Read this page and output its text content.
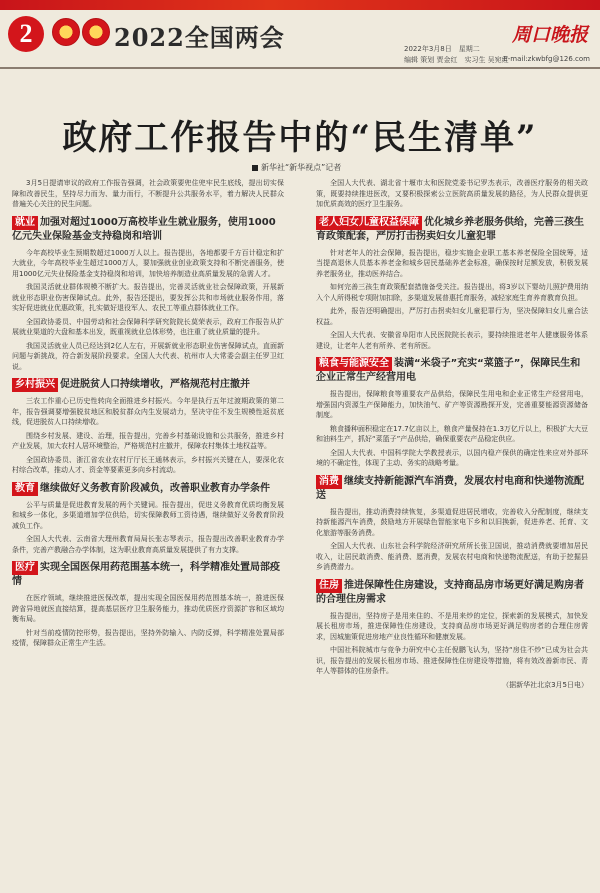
2	2022全国两会	周口晚报
2022年3月8日　星期二
编辑 策划 贾金红　实习生 吴宛红
E-mail:zkwbfg@126.com
政府工作报告中的“民生清单”
新华社“新华视点”记者

3月5日提请审议的政府工作报告强调，社会政策要兜住兜牢民生底线，提出切实保障和改善民生，坚持尽力而为、量力而行，不断提升公共服务水平，着力解决人民群众普遍关心关注的民生问题。

就业 加强对超过1000万高校毕业生就业服务，使用1000亿元失业保险基金支持稳岗和培训

今年高校毕业生预期数超过1000万人以上。报告提出，各地都要千方百计稳定和扩大就业，今年高校毕业生超过1000万人，要加强就业创业政策支持和不断完善服务，使用1000亿元失业保险基金支持稳岗和培训，加快培养制造业高质量发展的急需人才。

我国灵活就业群体规模不断扩大。报告提出，完善灵活就业社会保障政策，开展新就业形态职业伤害保障试点。此外，报告还提出，要发挥公共和市场就业服务作用，落实好促进就业优惠政策，扎实做好退役军人、农民工等重点群体就业工作。

全国政协委员、中国劳动和社会保障科学研究院院长莫荣表示，政府工作报告从扩展就业渠道的大盘和基本出发，既重视就业总体形势，也注重了就业质量的提升。

我国灵活就业人员已经达到2亿人左右，开展新就业形态职业伤害保障试点，直面新问题与新挑战，符合新发展阶段要求。全国人大代表、杭州市人大常委会副主任罗卫红说。

乡村振兴 促进脱贫人口持续增收，严格规范村庄撤并

三农工作重心已历史性转向全面推进乡村振兴。今年是执行五年过渡期政策的第二年，报告强调要增强脱贫地区和脱贫群众内生发展动力，坚决守住不发生规模性返贫底线，促进脱贫人口持续增收。

围绕乡村发展、建设、治理，报告提出，完善乡村基础设施和公共服务，推进乡村产业发展，加大农村人居环境整治，严格规范村庄撤并，保障农村集体土地权益等。

全国政协委员、浙江省农业农村厅厅长王通林表示，乡村振兴关键在人，要深化农村综合改革，推动人才、资金等要素更多向乡村流动。

教育 继续做好义务教育阶段减负，改善职业教育办学条件

公平与质量是促进教育发展的两个关键词。报告提出，促进义务教育优质均衡发展和城乡一体化，多渠道增加学位供给，切实保障教师工资待遇，继续做好义务教育阶段减负工作。

全国人大代表、云南省大理州教育局局长张志琴表示，报告提出改善职业教育办学条件，完善产教融合办学体制，这为职业教育高质量发展提供了有力支撑。

医疗 实现全国医保用药范围基本统一，科学精准处置局部疫情

在医疗领域，继续推进医保改革，提出实现全国医保用药范围基本统一，推进医保跨省异地就医直接结算，提高基层医疗卫生服务能力，推动优质医疗资源扩容和区域均衡布局。

针对当前疫情防控形势，报告提出，坚持外防输入、内防反弹，科学精准处置局部疫情，保障群众正常生产生活。

全国人大代表、湖北省十堰市太和医院党委书记罗杰表示，改善医疗服务的相关政策，既要持续推进医改，又要积极探索公立医院高质量发展的路径，为人民群众提供更加优质高效的医疗卫生服务。

老人妇女儿童权益保障 优化城乡养老服务供给，完善三孩生育政策配套，严厉打击拐卖妇女儿童犯罪

针对老年人的社会保障，报告提出，稳步实施企业职工基本养老保险全国统筹，适当提高退休人员基本养老金和城乡居民基础养老金标准，确保按时足额发放，积极发展养老服务业，推动医养结合。

如何完善三孩生育政策配套措施备受关注。报告提出，将3岁以下婴幼儿照护费用纳入个人所得税专项附加扣除，多渠道发展普惠托育服务，减轻家庭生育养育教育负担。

此外，报告还明确提出，严厉打击拐卖妇女儿童犯罪行为，坚决保障妇女儿童合法权益。

全国人大代表、安徽省阜阳市人民医院院长表示，要持续推进老年人健康服务体系建设，让老年人老有所养、老有所医。

粮食与能源安全 装满“米袋子”充实“菜篮子”，保障民生和企业正常生产经营用电

报告提出，保障粮食等重要农产品供给，保障民生用电和企业正常生产经营用电，增强国内资源生产保障能力，加快油气、矿产等资源勘探开发，完善重要能源资源储备制度。

粮食播种面积稳定在17.7亿亩以上，粮食产量保持在1.3万亿斤以上，积极扩大大豆和油料生产，抓好“菜篮子”产品供给，确保重要农产品稳定供应。

全国人大代表、中国科学院大学教授表示，以国内稳产保供的确定性来应对外部环境的不确定性，体现了主动、务实的战略考量。

消费 继续支持新能源汽车消费，发展农村电商和快递物流配送

报告提出，推动消费持续恢复，多渠道促进居民增收，完善收入分配制度，继续支持新能源汽车消费，鼓励地方开展绿色智能家电下乡和以旧换新，促进养老、托育、文化旅游等服务消费。

全国人大代表、山东社会科学院经济研究所所长张卫国说，推动消费就要增加居民收入，让居民敢消费、能消费、愿消费，发展农村电商和快递物流配送，有助于挖掘县乡消费潜力。

住房 推进保障性住房建设，支持商品房市场更好满足购房者的合理住房需求

报告提出，坚持房子是用来住的、不是用来炒的定位，探索新的发展模式，加快发展长租房市场，推进保障性住房建设，支持商品房市场更好满足购房者的合理住房需求，因城施策促进房地产业良性循环和健康发展。

中国社科院城市与竞争力研究中心主任倪鹏飞认为，坚持“房住不炒”已成为社会共识，报告提出的发展长租房市场、推进保障性住房建设等措施，将有效改善新市民、青年人等群体的住房条件。

（据新华社北京3月5日电）
